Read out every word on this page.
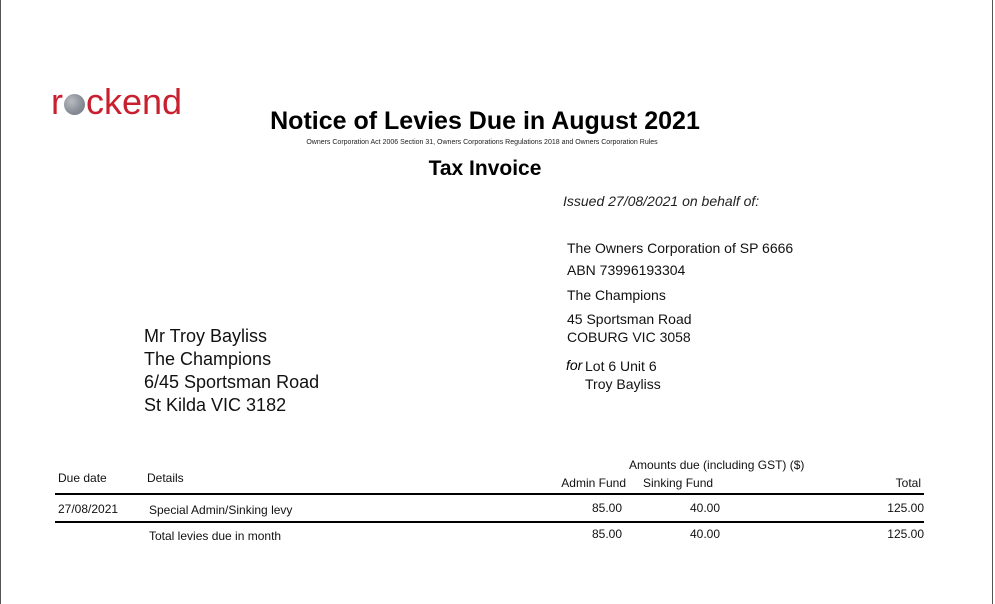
r ckend	Notice of Levies Due in August 2021
Owners Corporation Act 2006 Section 31, Owners Corporations Regulations 2018 and Owners Corporation Rules
Tax Invoice
Issued 27/08/2021 on behalf of:
The Owners Corporation of SP 6666
ABN 73996193304
The Champions
45 Sportsman Road
COBURG VIC 3058
for Lot 6 Unit 6
Troy Bayliss
Mr Troy Bayliss
The Champions
6/45 Sportsman Road
St Kilda VIC 3182
Amounts due (including GST) ($)
Due date	Details	Admin Fund Sinking Fund	Total
27/08/2021	Special Admin/Sinking levy	85.00	40.00	125.00
Total levies due in month	85.00	40.00	125.00
